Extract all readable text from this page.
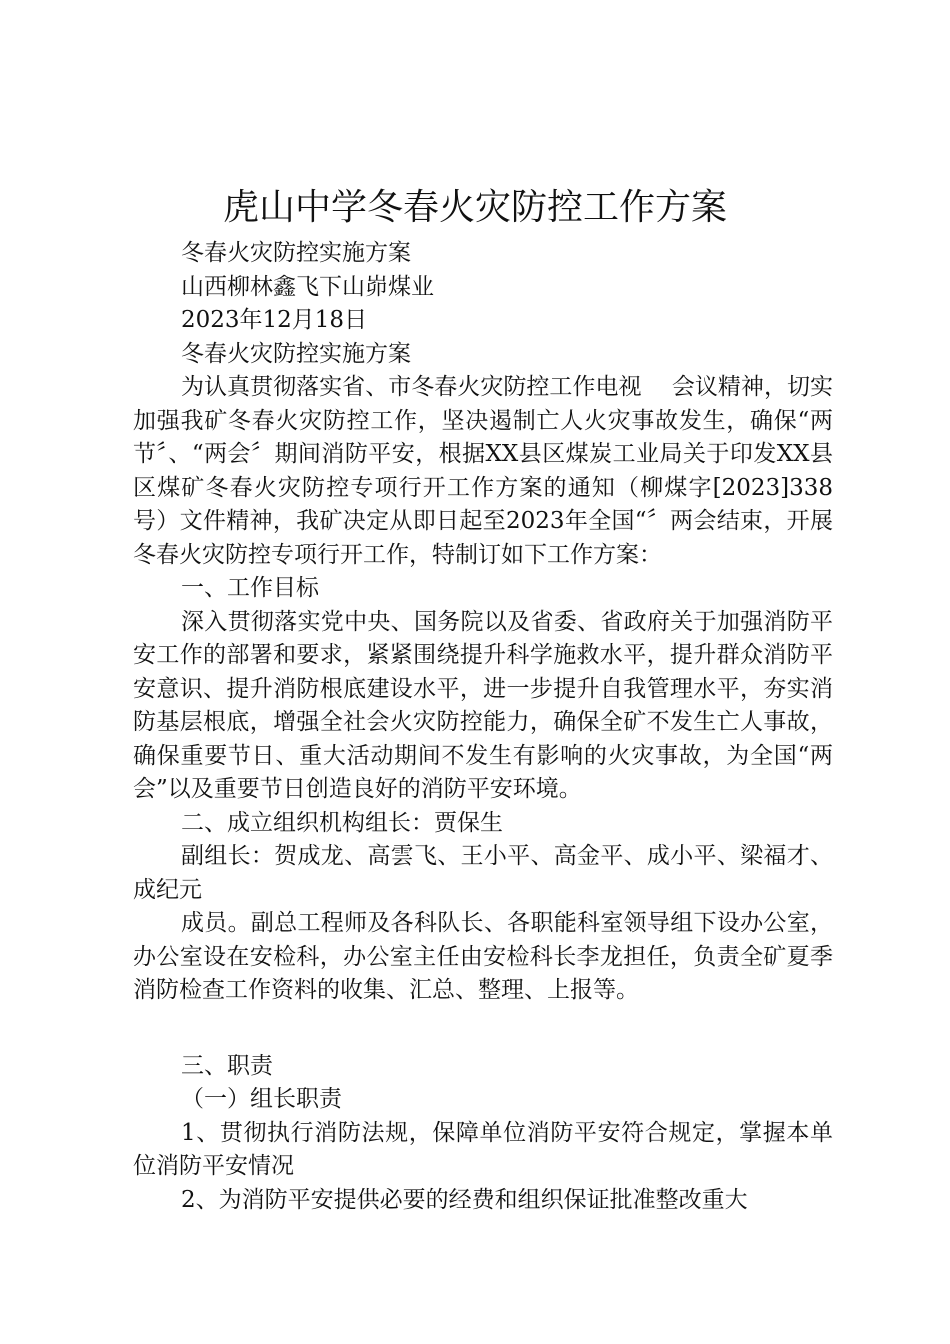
虎山中学冬春火灾防控工作方案

冬春火灾防控实施方案

山西柳林鑫飞下山峁煤业

2023年12月18日

冬春火灾防控实施方案

为认真贯彻落实省、市冬春火灾防控工作电视　 会议精神，切实加强我矿冬春火灾防控工作，坚决遏制亡人火灾事故发生，确保“两节〞、“两会〞期间消防平安，根据XX县区煤炭工业局关于印发XX县区煤矿冬春火灾防控专项行开工作方案的通知（柳煤字[2023]338号）文件精神，我矿决定从即日起至2023年全国“〞两会结束，开展冬春火灾防控专项行开工作，特制订如下工作方案：

一、工作目标

深入贯彻落实党中央、国务院以及省委、省政府关于加强消防平安工作的部署和要求，紧紧围绕提升科学施救水平，提升群众消防平安意识、提升消防根底建设水平，进一步提升自我管理水平，夯实消防基层根底，增强全社会火灾防控能力，确保全矿不发生亡人事故，确保重要节日、重大活动期间不发生有影响的火灾事故，为全国“两会”以及重要节日创造良好的消防平安环境。

二、成立组织机构组长：贾保生

副组长：贺成龙、高雲飞、王小平、高金平、成小平、梁福才、成纪元

成员。副总工程师及各科队长、各职能科室领导组下设办公室，办公室设在安检科，办公室主任由安检科长李龙担任，负责全矿夏季消防检查工作资料的收集、汇总、整理、上报等。

三、职责

（一）组长职责

1、贯彻执行消防法规，保障单位消防平安符合规定，掌握本单位消防平安情况

2、为消防平安提供必要的经费和组织保证批准整改重大
